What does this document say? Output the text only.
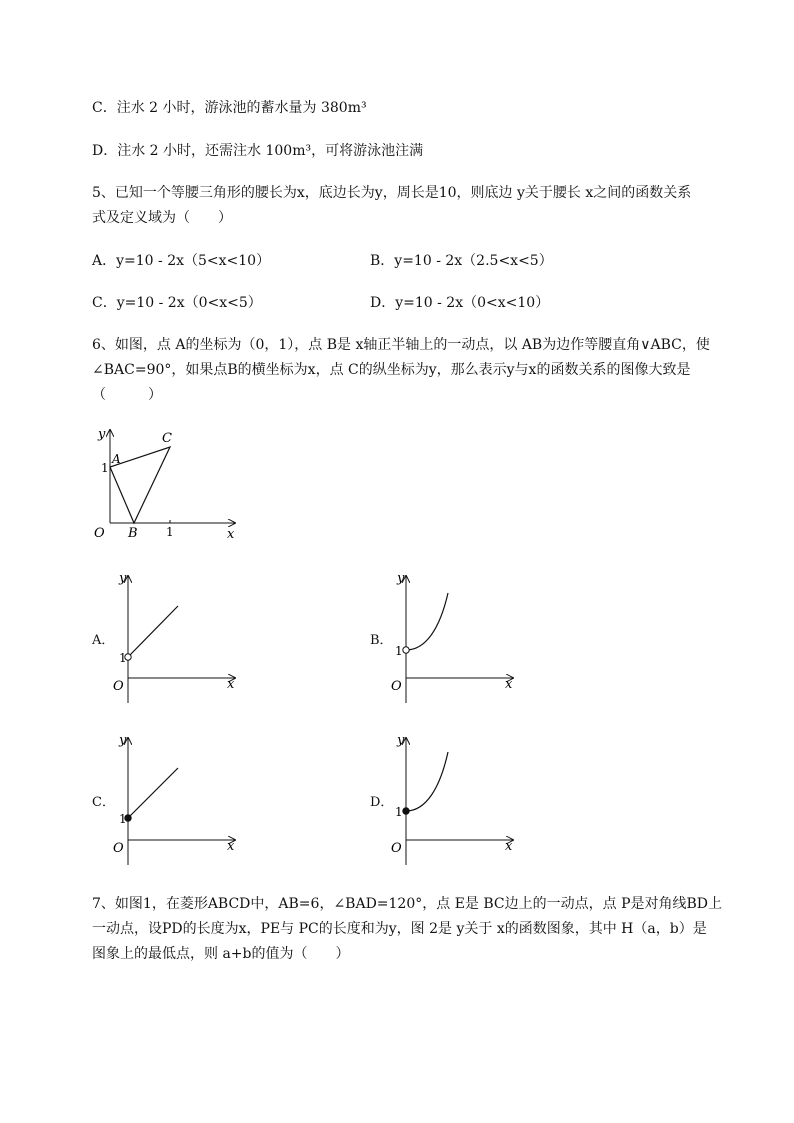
C．注水 2 小时，游泳池的蓄水量为 380m³
D．注水 2 小时，还需注水 100m³，可将游泳池注满
5、已知一个等腰三角形的腰长为x，底边长为y，周长是10，则底边 y关于腰长 x之间的函数关系
式及定义域为（　　）
A．y=10 - 2x（5<x<10）	B．y=10 - 2x（2.5<x<5）
C．y=10 - 2x（0<x<5）	D．y=10 - 2x（0<x<10）
6、如图，点 A的坐标为（0，1），点 B是 x轴正半轴上的一动点，以 AB为边作等腰直角∨ABC，使
∠BAC=90°，如果点B的横坐标为x，点 C的纵坐标为y，那么表示y与x的函数关系的图像大致是
（　　　）
y
x
O
A
B
C
1
1
A．
y
x
O
1
B．
y
x
O
1
C．
y
x
O
1
D．
y
x
O
1
7、如图1，在菱形ABCD中，AB=6，∠BAD=120°，点 E是 BC边上的一动点，点 P是对角线BD上
一动点，设PD的长度为x，PE与 PC的长度和为y，图 2是 y关于 x的函数图象，其中 H（a，b）是
图象上的最低点，则 a+b的值为（　　）
